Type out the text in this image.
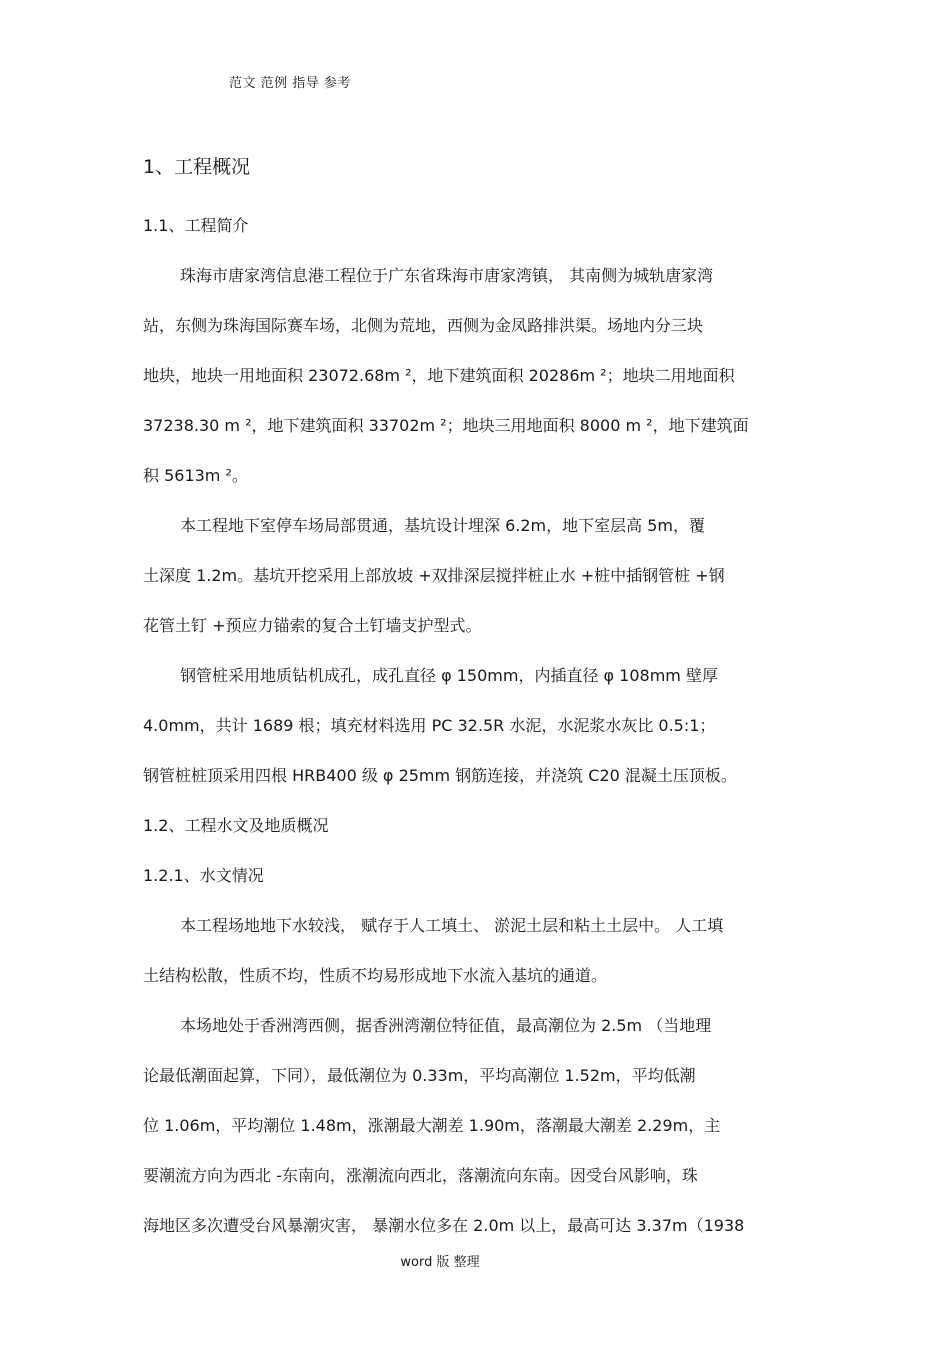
范文 范例 指导 参考
1、工程概况
1.1、工程简介
珠海市唐家湾信息港工程位于广东省珠海市唐家湾镇， 其南侧为城轨唐家湾
站，东侧为珠海国际赛车场，北侧为荒地，西侧为金凤路排洪渠。场地内分三块
地块，地块一用地面积 23072.68m ²，地下建筑面积 20286m ²；地块二用地面积
37238.30 m ²，地下建筑面积 33702m ²；地块三用地面积 8000 m ²，地下建筑面
积 5613m ²。
本工程地下室停车场局部贯通，基坑设计埋深 6.2m，地下室层高 5m，覆
土深度 1.2m。基坑开挖采用上部放坡 +双排深层搅拌桩止水 +桩中插钢管桩 +钢
花管土钉 +预应力锚索的复合土钉墙支护型式。
钢管桩采用地质钻机成孔，成孔直径 φ 150mm，内插直径 φ 108mm 壁厚
4.0mm，共计 1689 根；填充材料选用 PC 32.5R 水泥，水泥浆水灰比 0.5:1；
钢管桩桩顶采用四根 HRB400 级 φ 25mm 钢筋连接，并浇筑 C20 混凝土压顶板。
1.2、工程水文及地质概况
1.2.1、水文情况
本工程场地地下水较浅， 赋存于人工填土、 淤泥土层和粘土土层中。 人工填
土结构松散，性质不均，性质不均易形成地下水流入基坑的通道。
本场地处于香洲湾西侧，据香洲湾潮位特征值，最高潮位为 2.5m （当地理
论最低潮面起算，下同），最低潮位为 0.33m，平均高潮位 1.52m，平均低潮
位 1.06m，平均潮位 1.48m，涨潮最大潮差 1.90m，落潮最大潮差 2.29m，主
要潮流方向为西北 -东南向，涨潮流向西北，落潮流向东南。因受台风影响，珠
海地区多次遭受台风暴潮灾害， 暴潮水位多在 2.0m 以上，最高可达 3.37m（1938
word 版 整理
